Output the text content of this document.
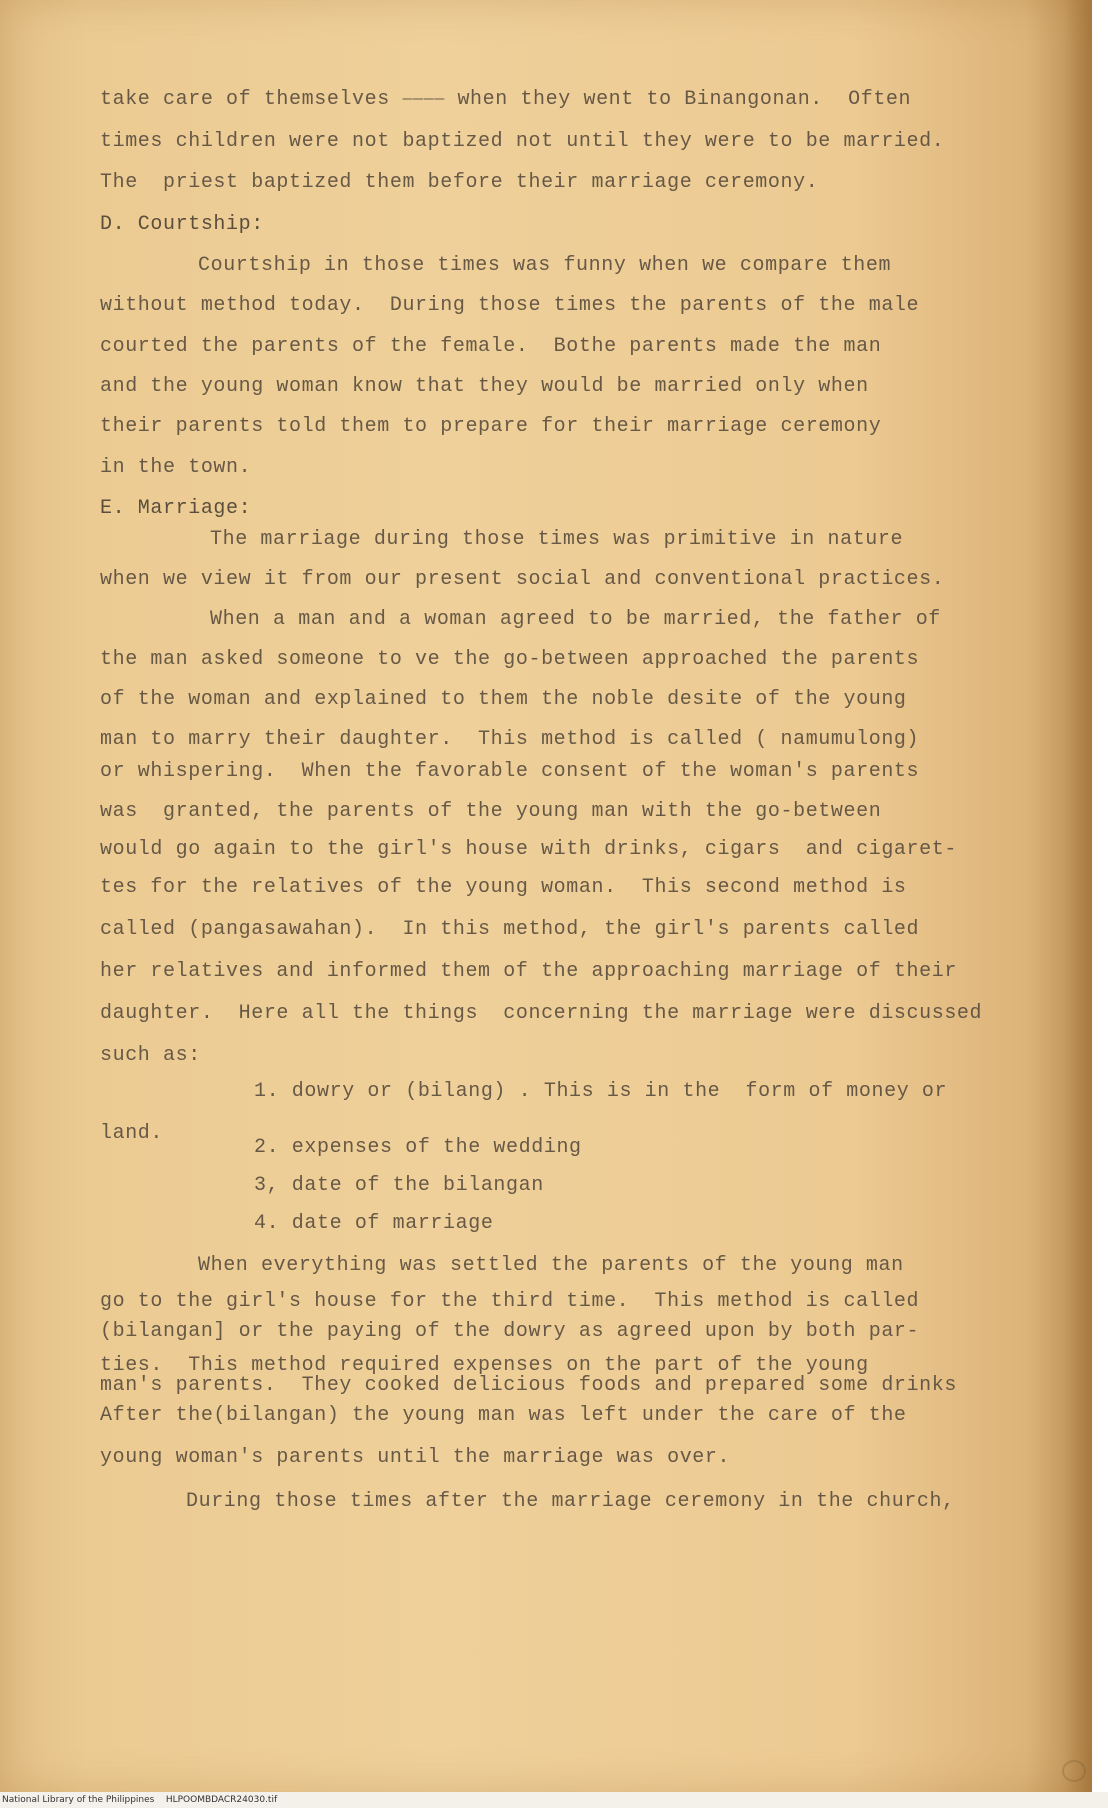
take care of themselves ⎯⎯⎯⎯ when they went to Binangonan.  Often
times children were not baptized not until they were to be married.
The  priest baptized them before their marriage ceremony.
D. Courtship:
Courtship in those times was funny when we compare them
without method today.  During those times the parents of the male
courted the parents of the female.  Bothe parents made the man
and the young woman know that they would be married only when
their parents told them to prepare for their marriage ceremony
in the town.
E. Marriage:
The marriage during those times was primitive in nature
when we view it from our present social and conventional practices.
When a man and a woman agreed to be married, the father of
the man asked someone to ve the go-between approached the parents
of the woman and explained to them the noble desite of the young
man to marry their daughter.  This method is called ( namumulong)
or whispering.  When the favorable consent of the woman's parents
was  granted, the parents of the young man with the go-between
would go again to the girl's house with drinks, cigars  and cigaret-
tes for the relatives of the young woman.  This second method is
called (pangasawahan).  In this method, the girl's parents called
her relatives and informed them of the approaching marriage of their
daughter.  Here all the things  concerning the marriage were discussed
such as:
1. dowry or (bilang) . This is in the  form of money or
land.
2. expenses of the wedding
3, date of the bilangan
4. date of marriage
When everything was settled the parents of the young man
go to the girl's house for the third time.  This method is called
(bilangan] or the paying of the dowry as agreed upon by both par-
ties.  This method required expenses on the part of the young
man's parents.  They cooked delicious foods and prepared some drinks
After the(bilangan) the young man was left under the care of the
young woman's parents until the marriage was over.
During those times after the marriage ceremony in the church,
National Library of the Philippines HLPOOMBDACR24030.tif
